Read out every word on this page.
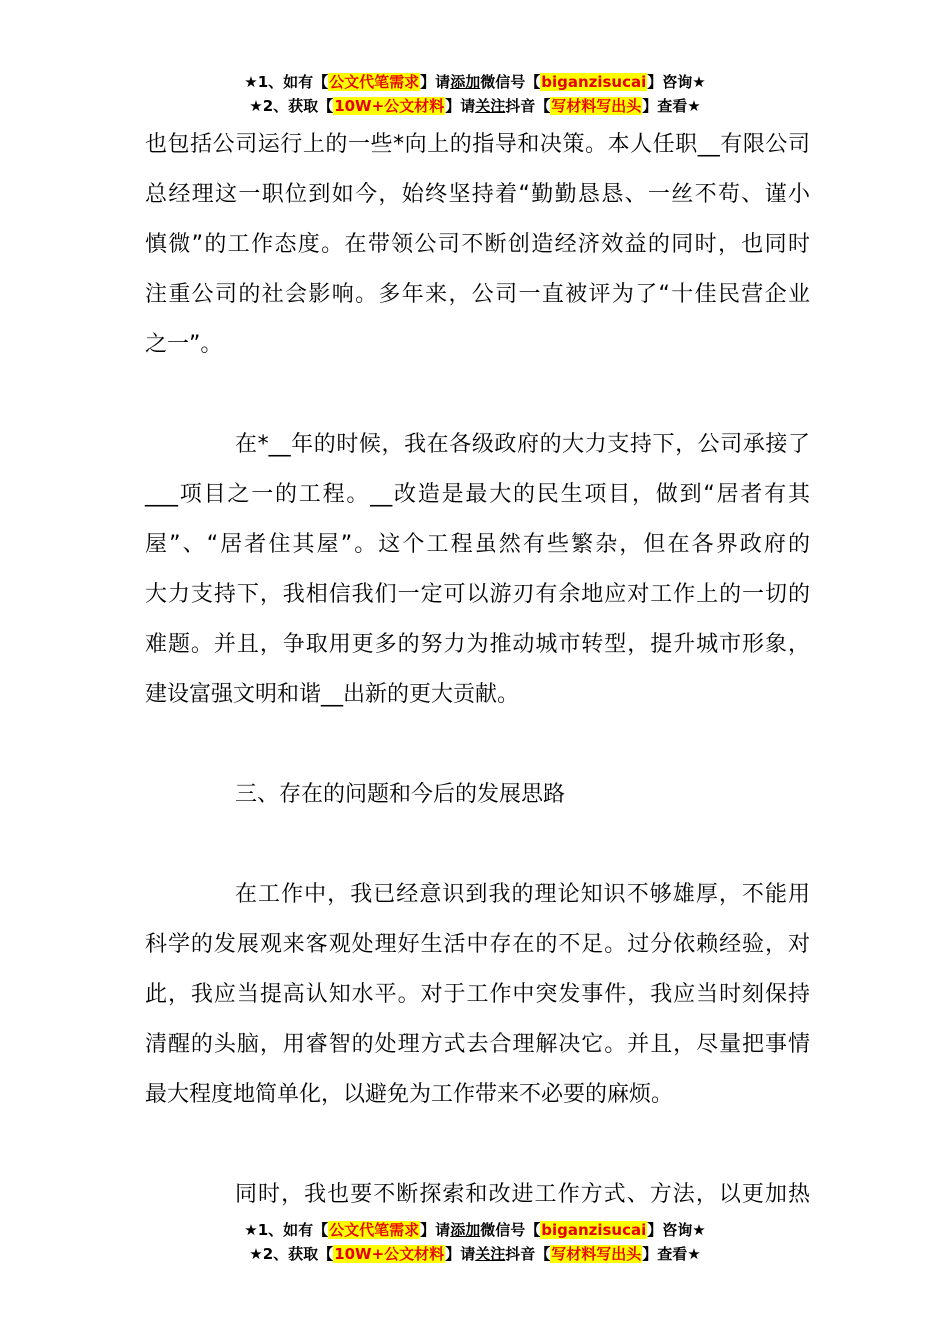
★1、如有【公文代笔需求】请添加微信号【biganzisucai】咨询★
★2、获取【10W+公文材料】请关注抖音【写材料写出头】查看★

也包括公司运行上的一些*向上的指导和决策。本人任职__有限公司
总经理这一职位到如今，始终坚持着“勤勤恳恳、一丝不苟、谨小
慎微”的工作态度。在带领公司不断创造经济效益的同时，也同时
注重公司的社会影响。多年来，公司一直被评为了“十佳民营企业
之一”。

在*__年的时候，我在各级政府的大力支持下，公司承接了
___项目之一的工程。__改造是最大的民生项目，做到“居者有其
屋”、“居者住其屋”。这个工程虽然有些繁杂，但在各界政府的
大力支持下，我相信我们一定可以游刃有余地应对工作上的一切的
难题。并且，争取用更多的努力为推动城市转型，提升城市形象，
建设富强文明和谐__出新的更大贡献。

三、存在的问题和今后的发展思路

在工作中，我已经意识到我的理论知识不够雄厚，不能用
科学的发展观来客观处理好生活中存在的不足。过分依赖经验，对
此，我应当提高认知水平。对于工作中突发事件，我应当时刻保持
清醒的头脑，用睿智的处理方式去合理解决它。并且，尽量把事情
最大程度地简单化，以避免为工作带来不必要的麻烦。

同时，我也要不断探索和改进工作方式、方法，以更加热

★1、如有【公文代笔需求】请添加微信号【biganzisucai】咨询★
★2、获取【10W+公文材料】请关注抖音【写材料写出头】查看★
